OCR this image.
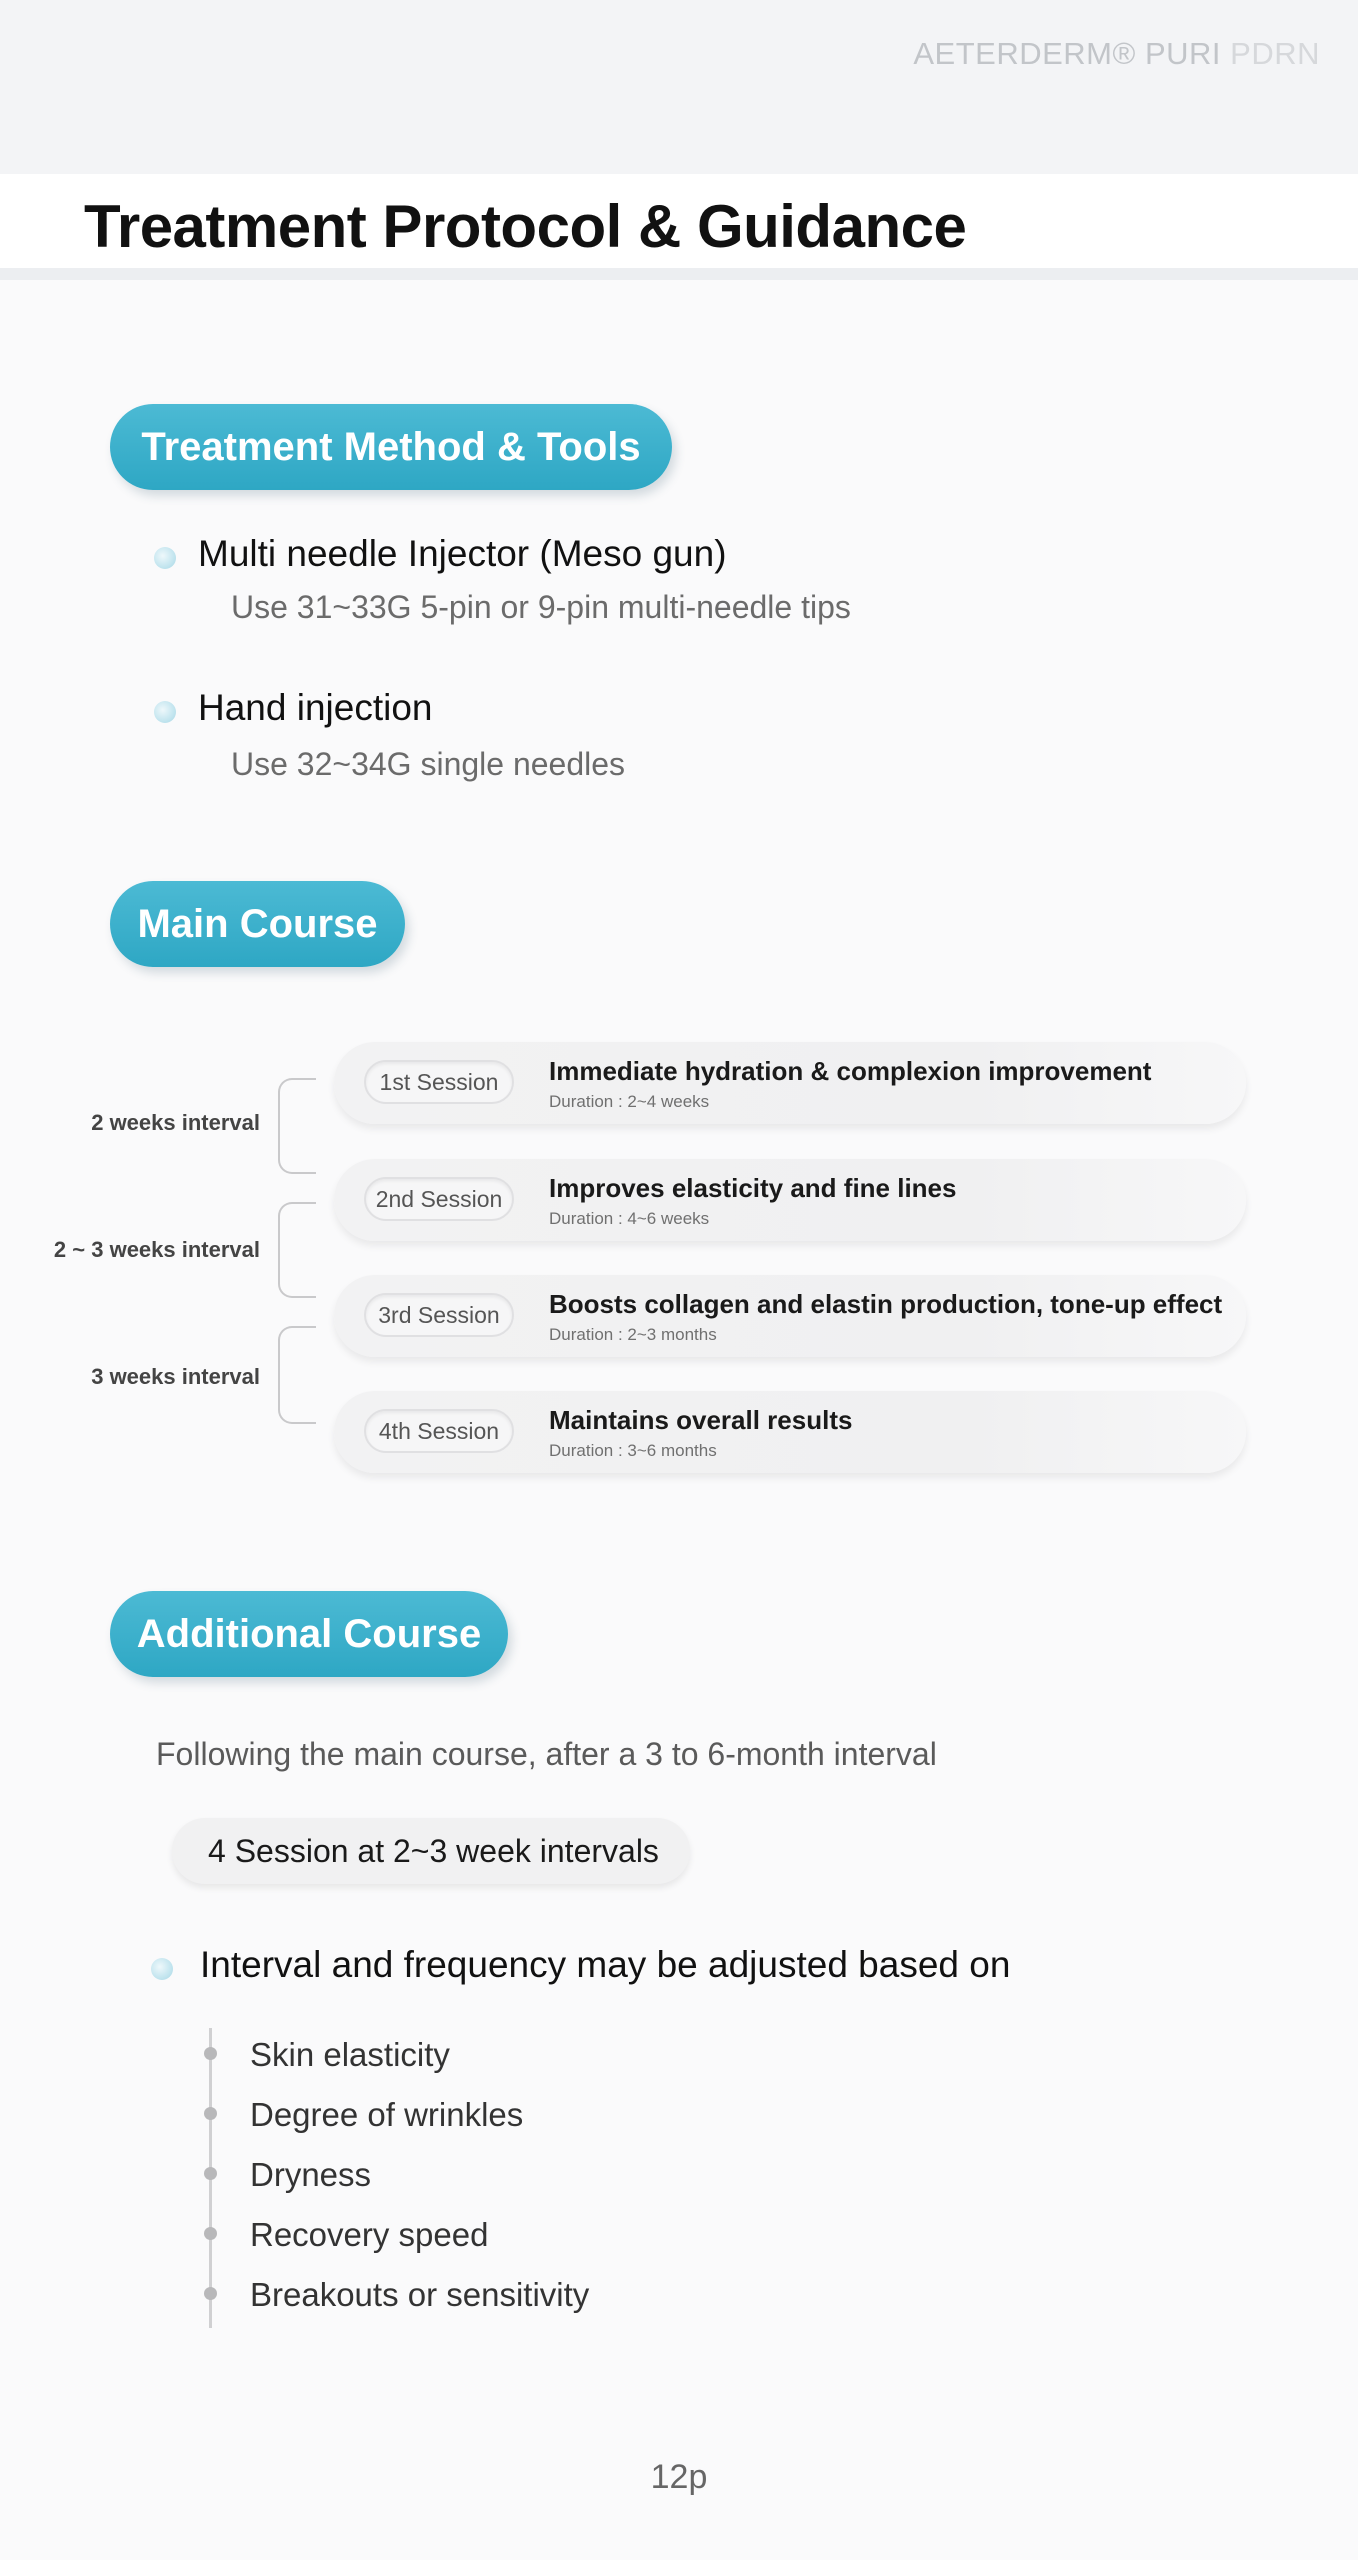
AETERDERM® PURI PDRN
Treatment Protocol & Guidance
Treatment Method & Tools
Multi needle Injector (Meso gun)
Use 31~33G 5-pin or 9-pin multi-needle tips
Hand injection
Use 32~34G single needles
Main Course
2 weeks interval
2 ~ 3 weeks interval
3 weeks interval
1st Session	Immediate hydration & complexion improvement
Duration : 2~4 weeks
2nd Session	Improves elasticity and fine lines
Duration : 4~6 weeks
3rd Session	Boosts collagen and elastin production, tone-up effect
Duration : 2~3 months
4th Session	Maintains overall results
Duration : 3~6 months
Additional Course
Following the main course, after a 3 to 6-month interval
4 Session at 2~3 week intervals
Interval and frequency may be adjusted based on
Skin elasticity
Degree of wrinkles
Dryness
Recovery speed
Breakouts or sensitivity
12p
